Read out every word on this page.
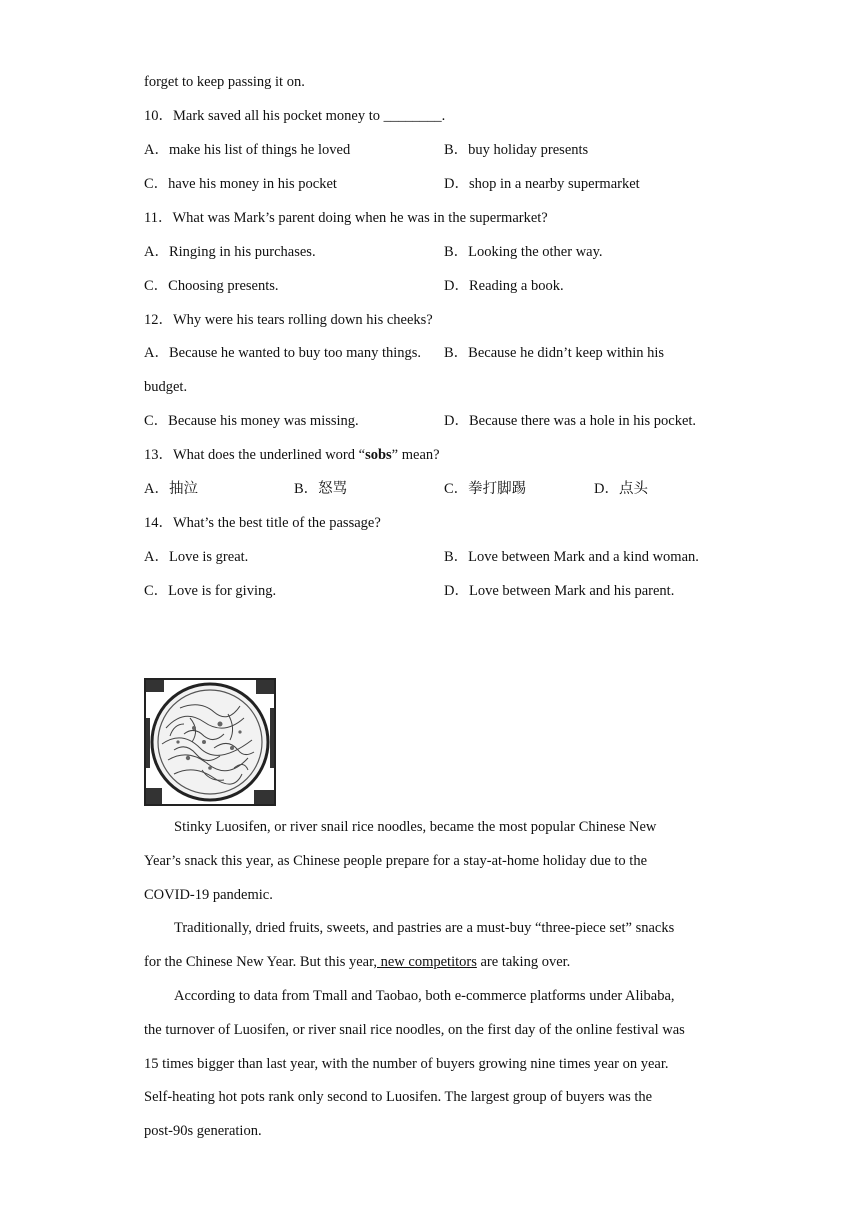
forget to keep passing it on.
10．Mark saved all his pocket money to ________.
A．make his list of things he loved	B．buy holiday presents
C．have his money in his pocket	D．shop in a nearby supermarket
11．What was Mark’s parent doing when he was in the supermarket?
A．Ringing in his purchases.	B．Looking the other way.
C．Choosing presents.	D．Reading a book.
12．Why were his tears rolling down his cheeks?
A．Because he wanted to buy too many things. B．Because he didn’t keep within his
budget.
C．Because his money was missing.	D．Because there was a hole in his pocket.
13．What does the underlined word “sobs” mean?
A．抽泣	B．怒骂	C．拳打脚踢	D．点头
14．What’s the best title of the passage?
A．Love is great.	B．Love between Mark and a kind woman.
C．Love is for giving.	D．Love between Mark and his parent.
Stinky Luosifen, or river snail rice noodles, became the most popular Chinese New
Year’s snack this year, as Chinese people prepare for a stay-at-home holiday due to the
COVID-19 pandemic.
Traditionally, dried fruits, sweets, and pastries are a must-buy “three-piece set” snacks
for the Chinese New Year. But this year, new competitors are taking over.
According to data from Tmall and Taobao, both e-commerce platforms under Alibaba,
the turnover of Luosifen, or river snail rice noodles, on the first day of the online festival was
15 times bigger than last year, with the number of buyers growing nine times year on year.
Self-heating hot pots rank only second to Luosifen. The largest group of buyers was the
post-90s generation.
